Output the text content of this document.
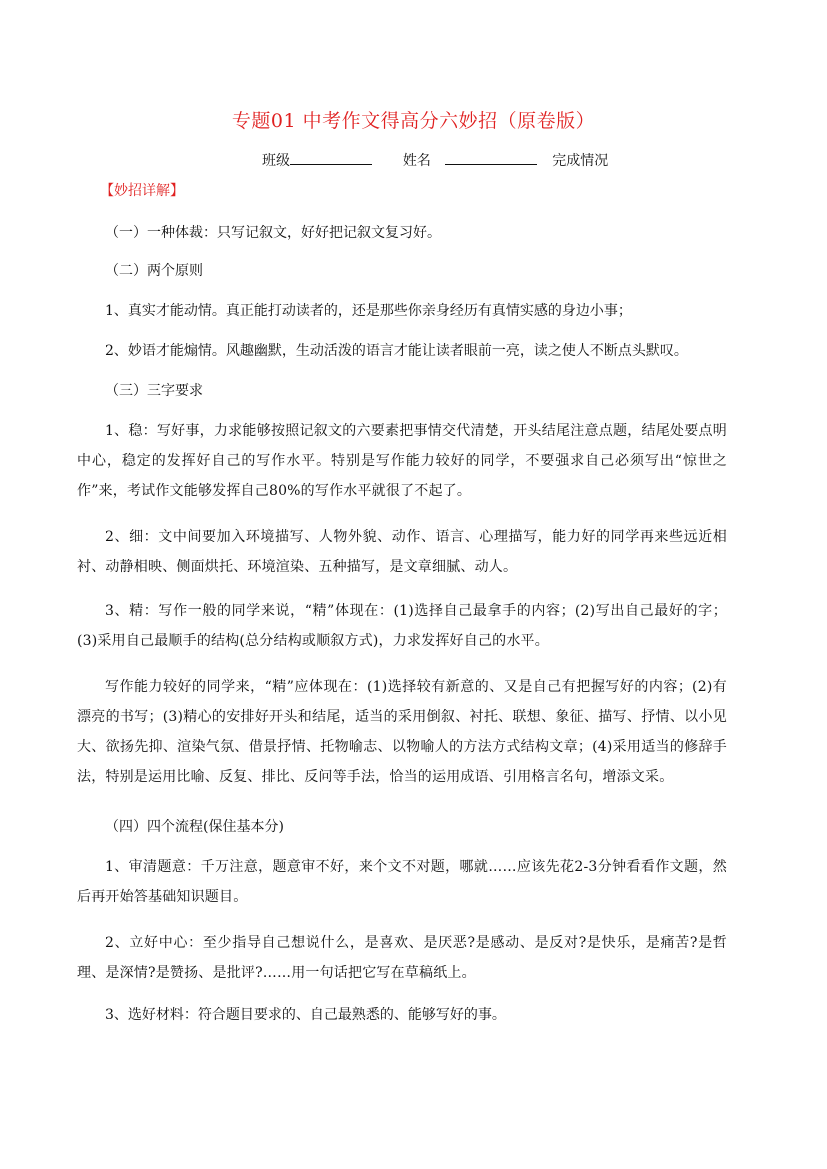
专题01 中考作文得高分六妙招（原卷版）
班级	姓名	完成情况
【妙招详解】
（一）一种体裁：只写记叙文，好好把记叙文复习好。
（二）两个原则
1、真实才能动情。真正能打动读者的，还是那些你亲身经历有真情实感的身边小事；
2、妙语才能煽情。风趣幽默，生动活泼的语言才能让读者眼前一亮，读之使人不断点头默叹。
（三）三字要求
1、稳：写好事，力求能够按照记叙文的六要素把事情交代清楚，开头结尾注意点题，结尾处要点明中心，稳定的发挥好自己的写作水平。特别是写作能力较好的同学，不要强求自己必须写出“惊世之作”来，考试作文能够发挥自己80%的写作水平就很了不起了。
2、细：文中间要加入环境描写、人物外貌、动作、语言、心理描写，能力好的同学再来些远近相衬、动静相映、侧面烘托、环境渲染、五种描写，是文章细腻、动人。
3、精：写作一般的同学来说，“精”体现在：(1)选择自己最拿手的内容；(2)写出自己最好的字；(3)采用自己最顺手的结构(总分结构或顺叙方式)，力求发挥好自己的水平。
写作能力较好的同学来，“精”应体现在：(1)选择较有新意的、又是自己有把握写好的内容；(2)有漂亮的书写；(3)精心的安排好开头和结尾，适当的采用倒叙、衬托、联想、象征、描写、抒情、以小见大、欲扬先抑、渲染气氛、借景抒情、托物喻志、以物喻人的方法方式结构文章；(4)采用适当的修辞手法，特别是运用比喻、反复、排比、反问等手法，恰当的运用成语、引用格言名句，增添文采。
（四）四个流程(保住基本分)
1、审清题意：千万注意，题意审不好，来个文不对题，哪就……应该先花2-3分钟看看作文题，然后再开始答基础知识题目。
2、立好中心：至少指导自己想说什么，是喜欢、是厌恶?是感动、是反对?是快乐，是痛苦?是哲理、是深情?是赞扬、是批评?……用一句话把它写在草稿纸上。
3、选好材料：符合题目要求的、自己最熟悉的、能够写好的事。
